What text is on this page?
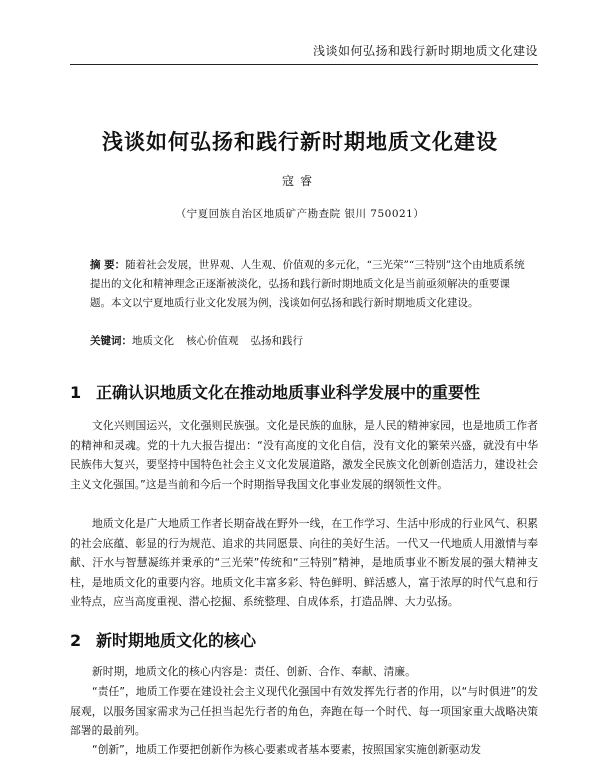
浅谈如何弘扬和践行新时期地质文化建设
浅谈如何弘扬和践行新时期地质文化建设
寇睿
（宁夏回族自治区地质矿产勘查院 银川 750021）

摘 要：随着社会发展，世界观、人生观、价值观的多元化，“三光荣”“三特别”这个由地质系统提出的文化和精神理念正逐渐被淡化，弘扬和践行新时期地质文化是当前亟须解决的重要课题。本文以宁夏地质行业文化发展为例，浅谈如何弘扬和践行新时期地质文化建设。

关键词：地质文化 核心价值观 弘扬和践行

1 正确认识地质文化在推动地质事业科学发展中的重要性

文化兴则国运兴，文化强则民族强。文化是民族的血脉，是人民的精神家园，也是地质工作者的精神和灵魂。党的十九大报告提出：“没有高度的文化自信，没有文化的繁荣兴盛，就没有中华民族伟大复兴，要坚持中国特色社会主义文化发展道路，激发全民族文化创新创造活力，建设社会主义文化强国。”这是当前和今后一个时期指导我国文化事业发展的纲领性文件。

地质文化是广大地质工作者长期奋战在野外一线，在工作学习、生活中形成的行业风气、积累的社会底蕴、彰显的行为规范、追求的共同愿景、向往的美好生活。一代又一代地质人用激情与奉献、汗水与智慧凝练并秉承的“三光荣”传统和“三特别”精神，是地质事业不断发展的强大精神支柱，是地质文化的重要内容。地质文化丰富多彩、特色鲜明、鲜活感人，富于浓厚的时代气息和行业特点，应当高度重视、潜心挖掘、系统整理、自成体系，打造品牌、大力弘扬。

2 新时期地质文化的核心

新时期，地质文化的核心内容是：责任、创新、合作、奉献、清廉。

“责任”，地质工作要在建设社会主义现代化强国中有效发挥先行者的作用，以“与时俱进”的发展观，以服务国家需求为己任担当起先行者的角色，奔跑在每一个时代、每一项国家重大战略决策部署的最前列。

“创新”，地质工作要把创新作为核心要素或者基本要素，按照国家实施创新驱动发
